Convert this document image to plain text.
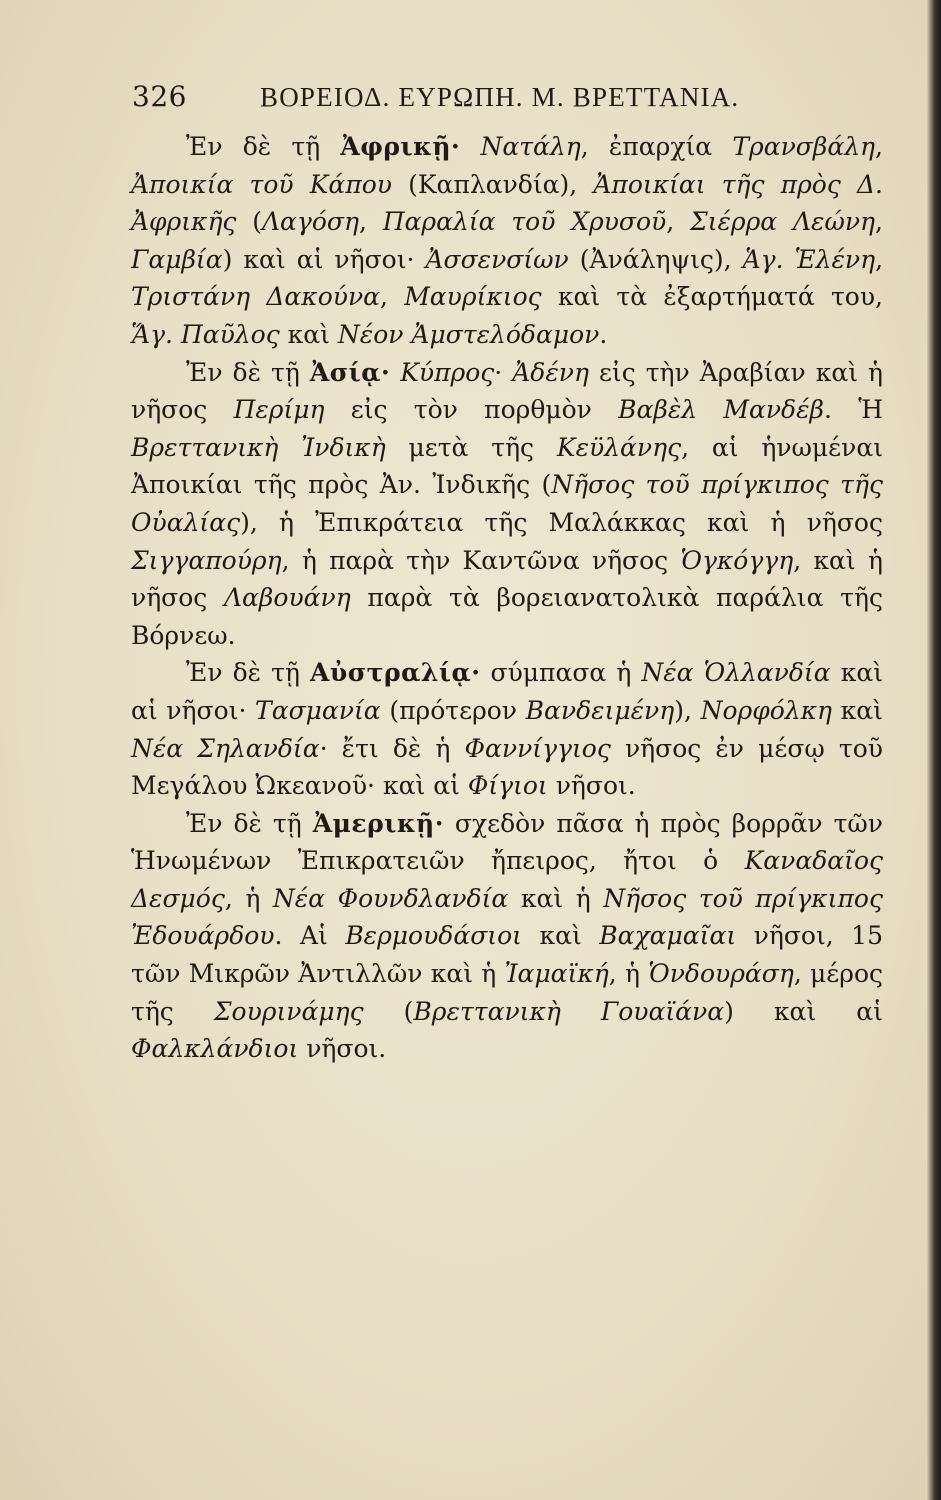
326	ΒΟΡΕΙΟΔ. ΕΥΡΩΠΗ. Μ. ΒΡΕΤΤΑΝΙΑ.

Ἐν δὲ τῇ Ἀφρικῇ· Νατάλη, ἐπαρχία Τρανσβάλη, Ἀποικία τοῦ Κάπου (Καπλανδία), Ἀποικίαι τῆς πρὸς Δ. Ἀφρικῆς (Λαγόση, Παραλία τοῦ Χρυσοῦ, Σιέρρα Λεώνη, Γαμβία) καὶ αἱ νῆσοι· Ἀσσενσίων (Ἀνάληψις), Ἁγ. Ἑλένη, Τριστάνη Δακούνα, Μαυρίκιος καὶ τὰ ἐξαρτήματά του, Ἅγ. Παῦλος καὶ Νέον Ἀμστελόδαμον.

Ἐν δὲ τῇ Ἀσίᾳ· Κύπρος· Ἀδένη εἰς τὴν Ἀραβίαν καὶ ἡ νῆσος Περίμη εἰς τὸν πορθμὸν Βαβὲλ Μανδέβ. Ἡ Βρεττανικὴ Ἰνδικὴ μετὰ τῆς Κεϋλάνης, αἱ ἡνωμέναι Ἀποικίαι τῆς πρὸς Ἀν. Ἰνδικῆς (Νῆσος τοῦ πρίγκιπος τῆς Οὐαλίας), ἡ Ἐπικράτεια τῆς Μαλάκκας καὶ ἡ νῆσος Σιγγαπούρη, ἡ παρὰ τὴν Καντῶνα νῆσος Ὁγκόγγη, καὶ ἡ νῆσος Λαβουάνη παρὰ τὰ βορειανατολικὰ παράλια τῆς Βόρνεω.

Ἐν δὲ τῇ Αὐστραλίᾳ· σύμπασα ἡ Νέα Ὁλλανδία καὶ αἱ νῆσοι· Τασμανία (πρότερον Βανδειμένη), Νορφόλκη καὶ Νέα Σηλανδία· ἔτι δὲ ἡ Φαννίγγιος νῆσος ἐν μέσῳ τοῦ Μεγάλου Ὠκεανοῦ· καὶ αἱ Φίγιοι νῆσοι.

Ἐν δὲ τῇ Ἀμερικῇ· σχεδὸν πᾶσα ἡ πρὸς βορρᾶν τῶν Ἡνωμένων Ἐπικρατειῶν ἤπειρος, ἤτοι ὁ Καναδαῖος Δεσμός, ἡ Νέα Φουνδλανδία καὶ ἡ Νῆσος τοῦ πρίγκιπος Ἐδουάρδου. Αἱ Βερμουδάσιοι καὶ Βαχαμαῖαι νῆσοι, 15 τῶν Μικρῶν Ἀντιλλῶν καὶ ἡ Ἰαμαϊκή, ἡ Ὁνδουράση, μέρος τῆς Σουρινάμης (Βρεττανικὴ Γουαϊάνα) καὶ αἱ Φαλκλάνδιοι νῆσοι.
